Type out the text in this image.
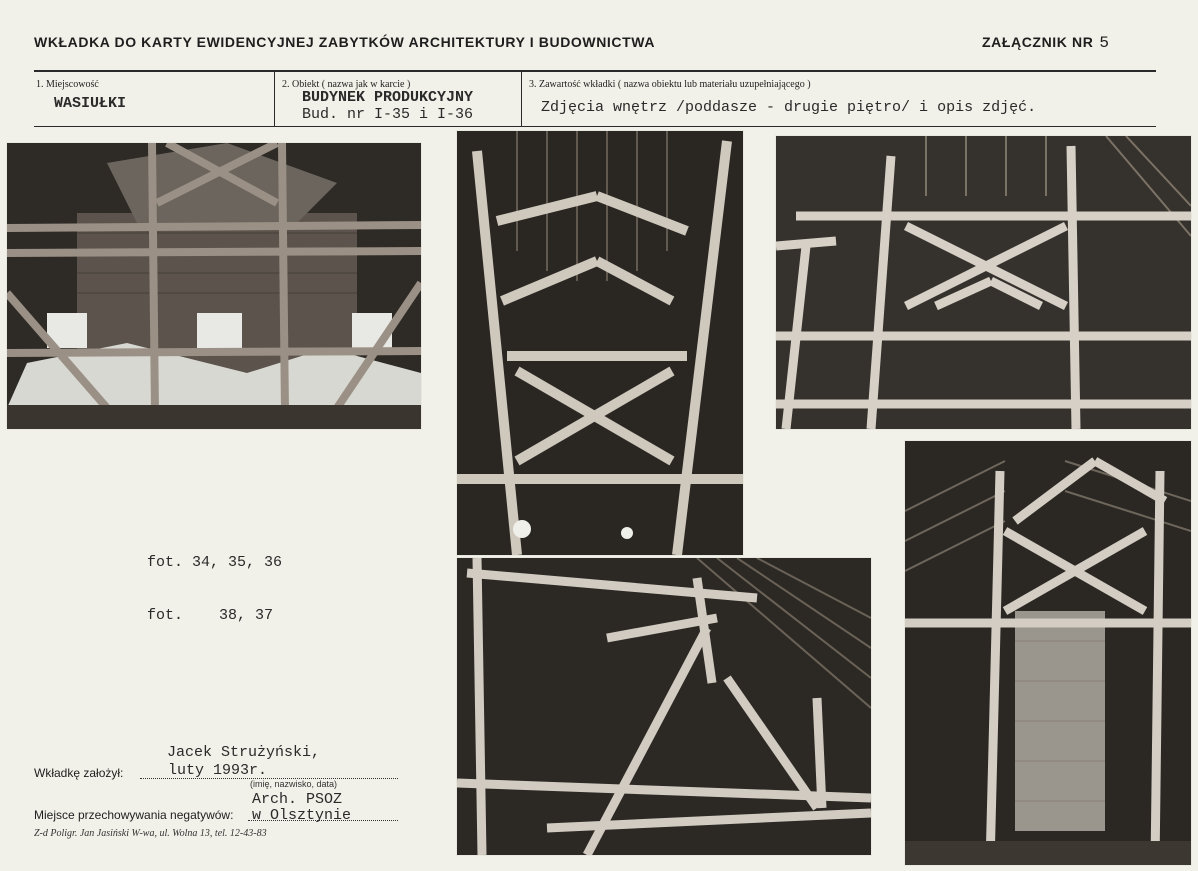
WKŁADKA DO KARTY EWIDENCYJNEJ ZABYTKÓW ARCHITEKTURY I BUDOWNICTWA	ZAŁĄCZNIK NR 5
1. Miejscowość
WASIUŁKI
2. Obiekt ( nazwa jak w karcie )
BUDYNEK PRODUKCYJNY
Bud. nr I-35 i I-36
3. Zawartość wkładki ( nazwa obiektu lub materiału uzupełniającego )
Zdjęcia wnętrz /poddasze - drugie piętro/ i opis zdjęć.
fot. 34, 35, 36
fot.    38, 37
Jacek Strużyński,
Wkładkę założył:	luty 1993r.
(imię, nazwisko, data)
Arch. PSOZ
Miejsce przechowywania negatywów: w Olsztynie
Z-d Poligr. Jan Jasiński W-wa, ul. Wolna 13, tel. 12-43-83
